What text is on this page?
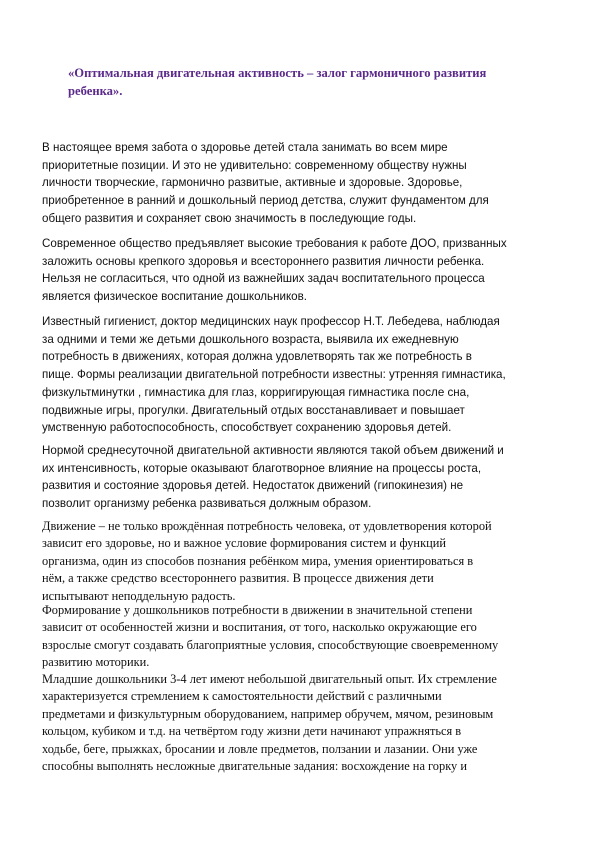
«Оптимальная двигательная активность – залог гармоничного развития
ребенка».

В настоящее время забота о здоровье детей стала занимать во всем мире
приоритетные позиции. И это не удивительно: современному обществу нужны
личности творческие, гармонично развитые, активные и здоровые. Здоровье,
приобретенное в ранний и дошкольный период детства, служит фундаментом для
общего развития и сохраняет свою значимость в последующие годы.

Современное общество предъявляет высокие требования к работе ДОО, призванных
заложить основы крепкого здоровья и всестороннего развития личности ребенка.
Нельзя не согласиться, что одной из важнейших задач воспитательного процесса
является физическое воспитание дошкольников.

Известный гигиенист, доктор медицинских наук профессор Н.Т. Лебедева, наблюдая
за одними и теми же детьми дошкольного возраста, выявила их ежедневную
потребность в движениях, которая должна удовлетворять так же потребность в
пище. Формы реализации двигательной потребности известны: утренняя гимнастика,
физкультминутки , гимнастика для глаз, корригирующая гимнастика после сна,
подвижные игры, прогулки. Двигательный отдых восстанавливает и повышает
умственную работоспособность, способствует сохранению здоровья детей.

Нормой среднесуточной двигательной активности являются такой объем движений и
их интенсивность, которые оказывают благотворное влияние на процессы роста,
развития и состояние здоровья детей. Недостаток движений (гипокинезия) не
позволит организму ребенка развиваться должным образом.

Движение – не только врождённая потребность человека, от удовлетворения которой
зависит его здоровье, но и важное условие формирования систем и функций
организма, один из способов познания ребёнком мира, умения ориентироваться в
нём, а также средство всестороннего развития. В процессе движения дети
испытывают неподдельную радость.

Формирование у дошкольников потребности в движении в значительной степени
зависит от особенностей жизни и воспитания, от того, насколько окружающие его
взрослые смогут создавать благоприятные условия, способствующие своевременному
развитию моторики.

Младшие дошкольники 3-4 лет имеют небольшой двигательный опыт. Их стремление
характеризуется стремлением к самостоятельности действий с различными
предметами и физкультурным оборудованием, например обручем, мячом, резиновым
кольцом, кубиком и т.д. на четвёртом году жизни дети начинают упражняться в
ходьбе, беге, прыжках, бросании и ловле предметов, ползании и лазании. Они уже
способны выполнять несложные двигательные задания: восхождение на горку и
